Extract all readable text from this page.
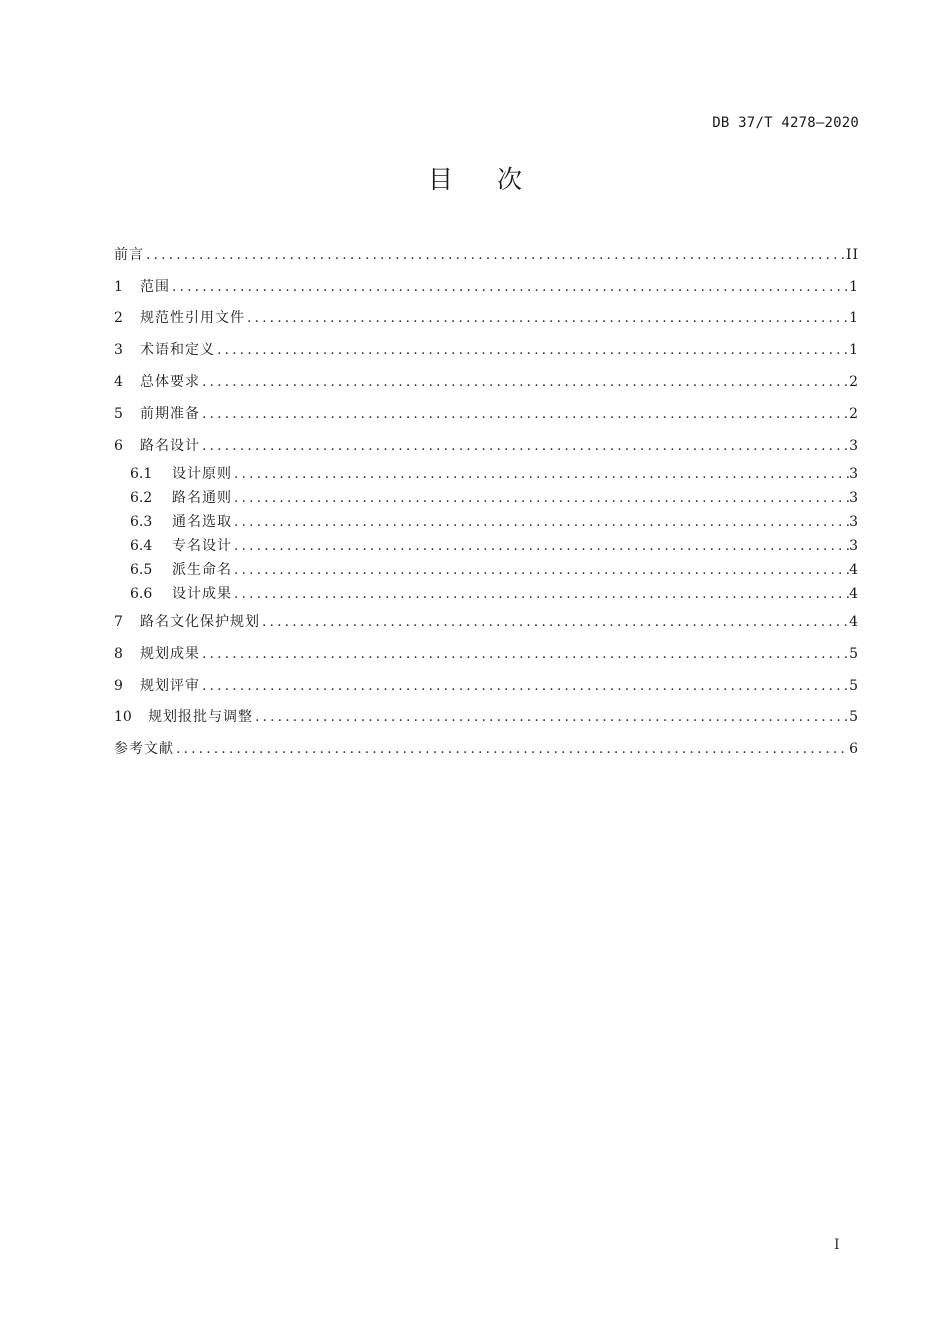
DB 37/T 4278—2020
目 次
前言 .....	II
1	范围 .....	1
2	规范性引用文件 .....	1
3	术语和定义 .....	1
4	总体要求 .....	2
5	前期准备 .....	2
6	路名设计 .....	3
6.1	设计原则 .....	3
6.2	路名通则 .....	3
6.3	通名选取 .....	3
6.4	专名设计 .....	3
6.5	派生命名 .....	4
6.6	设计成果 .....	4
7	路名文化保护规划 .....	4
8	规划成果 .....	5
9	规划评审 .....	5
10	规划报批与调整 .....	5
参考文献 .....	6
I
